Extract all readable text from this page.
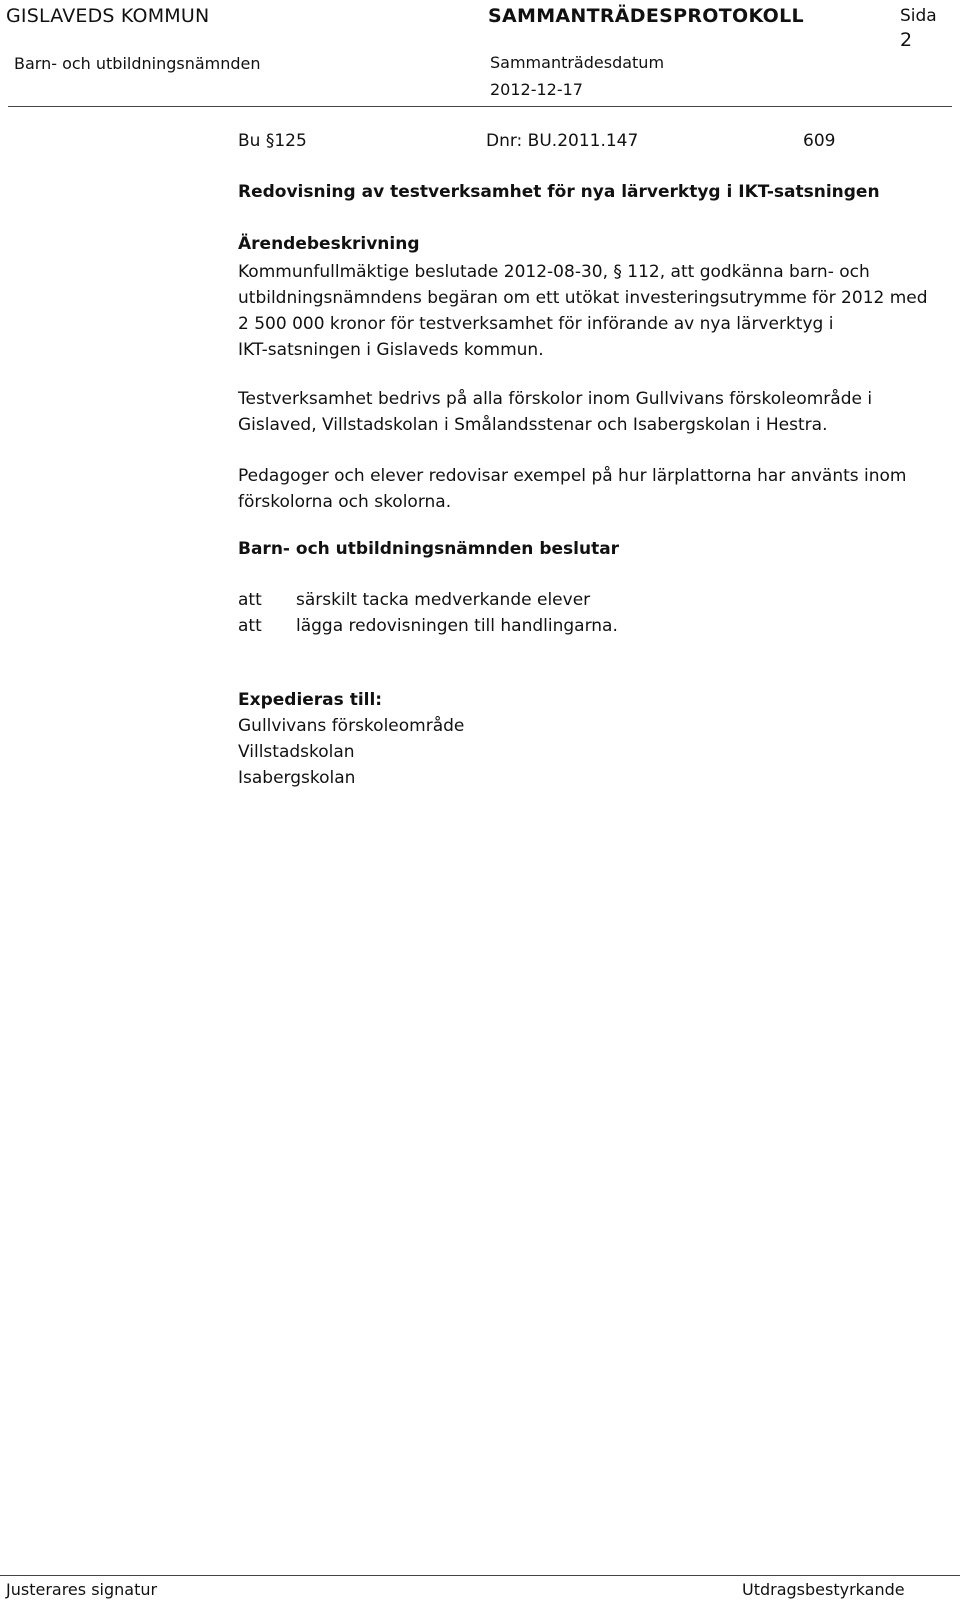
GISLAVEDS KOMMUN
Barn- och utbildningsnämnden
SAMMANTRÄDESPROTOKOLL
Sammanträdesdatum
2012-12-17
Sida
2
Bu §125	Dnr: BU.2011.147	609
Redovisning av testverksamhet för nya lärverktyg i IKT-satsningen
Ärendebeskrivning
Kommunfullmäktige beslutade 2012-08-30, § 112, att godkänna barn- och
utbildningsnämndens begäran om ett utökat investeringsutrymme för 2012 med
2 500 000 kronor för testverksamhet för införande av nya lärverktyg i
IKT-satsningen i Gislaveds kommun.
Testverksamhet bedrivs på alla förskolor inom Gullvivans förskoleområde i
Gislaved, Villstadskolan i Smålandsstenar och Isabergskolan i Hestra.
Pedagoger och elever redovisar exempel på hur lärplattorna har använts inom
förskolorna och skolorna.
Barn- och utbildningsnämnden beslutar
att särskilt tacka medverkande elever
att lägga redovisningen till handlingarna.
Expedieras till:
Gullvivans förskoleområde
Villstadskolan
Isabergskolan
Justerares signatur	Utdragsbestyrkande
